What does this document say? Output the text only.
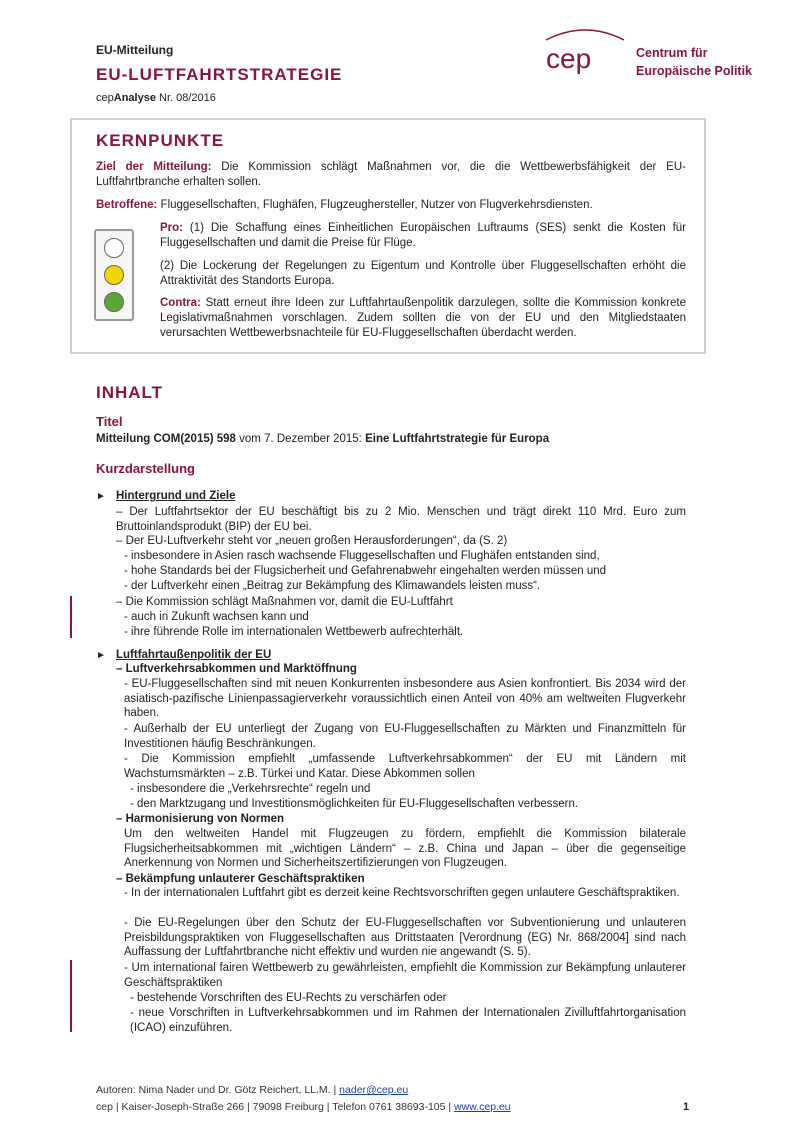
EU-Mitteilung
EU-LUFTFAHRTSTRATEGIE
cepAnalyse Nr. 08/2016
cep	Centrum für
Europäische Politik
KERNPUNKTE
Ziel der Mitteilung: Die Kommission schlägt Maßnahmen vor, die die Wettbewerbsfähigkeit der EU-Luftfahrtbranche erhalten sollen.
Betroffene: Fluggesellschaften, Flughäfen, Flugzeughersteller, Nutzer von Flugverkehrsdiensten.
Pro: (1) Die Schaffung eines Einheitlichen Europäischen Luftraums (SES) senkt die Kosten für Fluggesellschaften und damit die Preise für Flüge.
(2) Die Lockerung der Regelungen zu Eigentum und Kontrolle über Fluggesellschaften erhöht die Attraktivität des Standorts Europa.
Contra: Statt erneut ihre Ideen zur Luftfahrtaußenpolitik darzulegen, sollte die Kommission konkrete Legislativmaßnahmen vorschlagen. Zudem sollten die von der EU und den Mitgliedstaaten verursachten Wettbewerbsnachteile für EU-Fluggesellschaften überdacht werden.
INHALT
Titel
Mitteilung COM(2015) 598 vom 7. Dezember 2015: Eine Luftfahrtstrategie für Europa
Kurzdarstellung
► Hintergrund und Ziele
– Der Luftfahrtsektor der EU beschäftigt bis zu 2 Mio. Menschen und trägt direkt 110 Mrd. Euro zum Bruttoinlandsprodukt (BIP) der EU bei.
– Der EU-Luftverkehr steht vor „neuen großen Herausforderungen“, da (S. 2)
- insbesondere in Asien rasch wachsende Fluggesellschaften und Flughäfen entstanden sind,
- hohe Standards bei der Flugsicherheit und Gefahrenabwehr eingehalten werden müssen und
- der Luftverkehr einen „Beitrag zur Bekämpfung des Klimawandels leisten muss“.
– Die Kommission schlägt Maßnahmen vor, damit die EU-Luftfahrt
- auch in Zukunft wachsen kann und
- ihre führende Rolle im internationalen Wettbewerb aufrechterhält.
► Luftfahrtaußenpolitik der EU
– Luftverkehrsabkommen und Marktöffnung
- EU-Fluggesellschaften sind mit neuen Konkurrenten insbesondere aus Asien konfrontiert. Bis 2034 wird der asiatisch-pazifische Linienpassagierverkehr voraussichtlich einen Anteil von 40% am weltweiten Flugverkehr haben.
- Außerhalb der EU unterliegt der Zugang von EU-Fluggesellschaften zu Märkten und Finanzmitteln für Investitionen häufig Beschränkungen.
- Die Kommission empfiehlt „umfassende Luftverkehrsabkommen“ der EU mit Ländern mit Wachstumsmärkten – z.B. Türkei und Katar. Diese Abkommen sollen
- insbesondere die „Verkehrsrechte“ regeln und
- den Marktzugang und Investitionsmöglichkeiten für EU-Fluggesellschaften verbessern.
– Harmonisierung von Normen
Um den weltweiten Handel mit Flugzeugen zu fördern, empfiehlt die Kommission bilaterale Flugsicherheitsabkommen mit „wichtigen Ländern“ – z.B. China und Japan – über die gegenseitige Anerkennung von Normen und Sicherheitszertifizierungen von Flugzeugen.
– Bekämpfung unlauterer Geschäftspraktiken
- In der internationalen Luftfahrt gibt es derzeit keine Rechtsvorschriften gegen unlautere Geschäftspraktiken.
- Die EU-Regelungen über den Schutz der EU-Fluggesellschaften vor Subventionierung und unlauteren Preisbildungspraktiken von Fluggesellschaften aus Drittstaaten [Verordnung (EG) Nr. 868/2004] sind nach Auffassung der Luftfahrtbranche nicht effektiv und wurden nie angewandt (S. 5).
- Um international fairen Wettbewerb zu gewährleisten, empfiehlt die Kommission zur Bekämpfung unlauterer Geschäftspraktiken
- bestehende Vorschriften des EU-Rechts zu verschärfen oder
- neue Vorschriften in Luftverkehrsabkommen und im Rahmen der Internationalen Zivilluftfahrtorganisation (ICAO) einzuführen.
Autoren: Nima Nader und Dr. Götz Reichert, LL.M. | nader@cep.eu
cep | Kaiser-Joseph-Straße 266 | 79098 Freiburg | Telefon 0761 38693-105 | www.cep.eu	1
